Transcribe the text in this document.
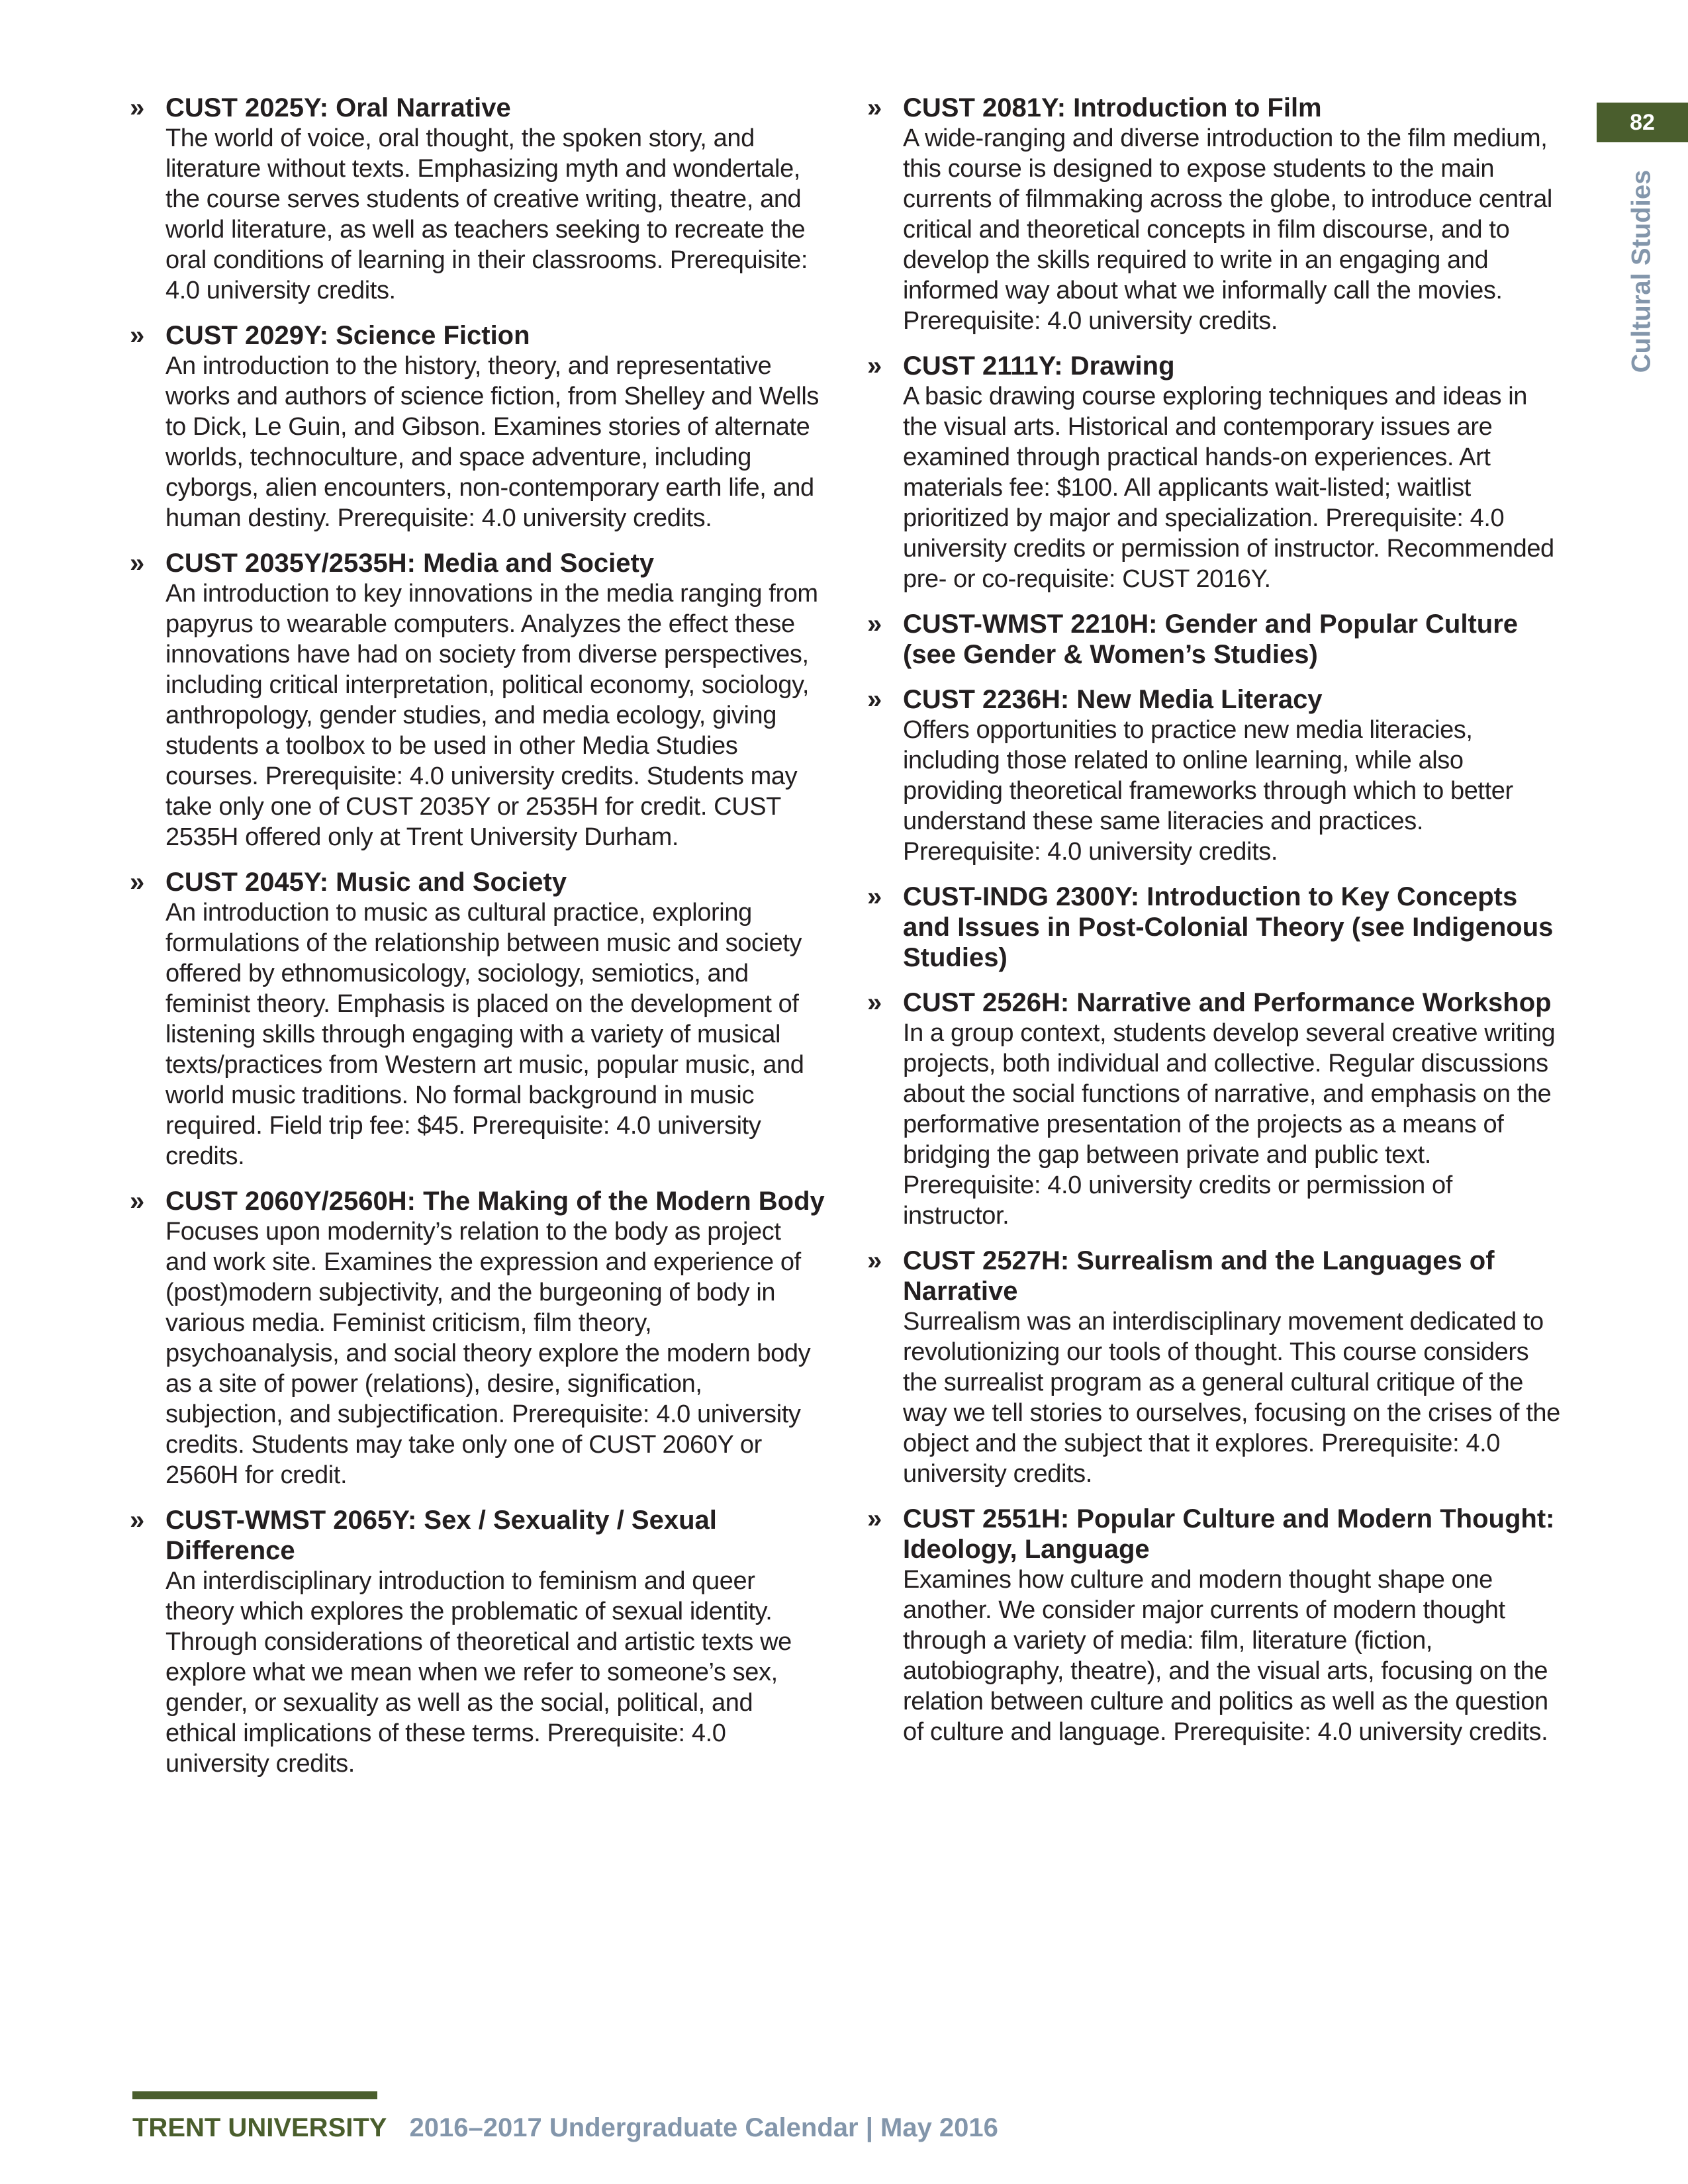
» CUST 2025Y: Oral Narrative
The world of voice, oral thought, the spoken story, and literature without texts. Emphasizing myth and wondertale, the course serves students of creative writing, theatre, and world literature, as well as teachers seeking to recreate the oral conditions of learning in their classrooms. Prerequisite: 4.0 university credits.
» CUST 2029Y: Science Fiction
An introduction to the history, theory, and representative works and authors of science fiction, from Shelley and Wells to Dick, Le Guin, and Gibson. Examines stories of alternate worlds, technoculture, and space adventure, including cyborgs, alien encounters, non-contemporary earth life, and human destiny. Prerequisite: 4.0 university credits.
» CUST 2035Y/2535H: Media and Society
An introduction to key innovations in the media ranging from papyrus to wearable computers. Analyzes the effect these innovations have had on society from diverse perspectives, including critical interpretation, political economy, sociology, anthropology, gender studies, and media ecology, giving students a toolbox to be used in other Media Studies courses. Prerequisite: 4.0 university credits. Students may take only one of CUST 2035Y or 2535H for credit. CUST 2535H offered only at Trent University Durham.
» CUST 2045Y: Music and Society
An introduction to music as cultural practice, exploring formulations of the relationship between music and society offered by ethnomusicology, sociology, semiotics, and feminist theory. Emphasis is placed on the development of listening skills through engaging with a variety of musical texts/practices from Western art music, popular music, and world music traditions. No formal background in music required. Field trip fee: $45. Prerequisite: 4.0 university credits.
» CUST 2060Y/2560H: The Making of the Modern Body
Focuses upon modernity’s relation to the body as project and work site. Examines the expression and experience of (post)modern subjectivity, and the burgeoning of body in various media. Feminist criticism, film theory, psychoanalysis, and social theory explore the modern body as a site of power (relations), desire, signification, subjection, and subjectification. Prerequisite: 4.0 university credits. Students may take only one of CUST 2060Y or 2560H for credit.
» CUST-WMST 2065Y: Sex / Sexuality / Sexual Difference
An interdisciplinary introduction to feminism and queer theory which explores the problematic of sexual identity. Through considerations of theoretical and artistic texts we explore what we mean when we refer to someone’s sex, gender, or sexuality as well as the social, political, and ethical implications of these terms. Prerequisite: 4.0 university credits.
» CUST 2081Y: Introduction to Film
A wide-ranging and diverse introduction to the film medium, this course is designed to expose students to the main currents of filmmaking across the globe, to introduce central critical and theoretical concepts in film discourse, and to develop the skills required to write in an engaging and informed way about what we informally call the movies. Prerequisite: 4.0 university credits.
» CUST 2111Y: Drawing
A basic drawing course exploring techniques and ideas in the visual arts. Historical and contemporary issues are examined through practical hands-on experiences. Art materials fee: $100. All applicants wait-listed; waitlist prioritized by major and specialization. Prerequisite: 4.0 university credits or permission of instructor. Recommended pre- or co-requisite: CUST 2016Y.
» CUST-WMST 2210H: Gender and Popular Culture (see Gender & Women’s Studies)
» CUST 2236H: New Media Literacy
Offers opportunities to practice new media literacies, including those related to online learning, while also providing theoretical frameworks through which to better understand these same literacies and practices. Prerequisite: 4.0 university credits.
» CUST-INDG 2300Y: Introduction to Key Concepts and Issues in Post-Colonial Theory (see Indigenous Studies)
» CUST 2526H: Narrative and Performance Workshop
In a group context, students develop several creative writing projects, both individual and collective. Regular discussions about the social functions of narrative, and emphasis on the performative presentation of the projects as a means of bridging the gap between private and public text. Prerequisite: 4.0 university credits or permission of instructor.
» CUST 2527H: Surrealism and the Languages of Narrative
Surrealism was an interdisciplinary movement dedicated to revolutionizing our tools of thought. This course considers the surrealist program as a general cultural critique of the way we tell stories to ourselves, focusing on the crises of the object and the subject that it explores. Prerequisite: 4.0 university credits.
» CUST 2551H: Popular Culture and Modern Thought: Ideology, Language
Examines how culture and modern thought shape one another. We consider major currents of modern thought through a variety of media: film, literature (fiction, autobiography, theatre), and the visual arts, focusing on the relation between culture and politics as well as the question of culture and language. Prerequisite: 4.0 university credits.
82
Cultural Studies
TRENT UNIVERSITY 2016–2017 Undergraduate Calendar | May 2016
